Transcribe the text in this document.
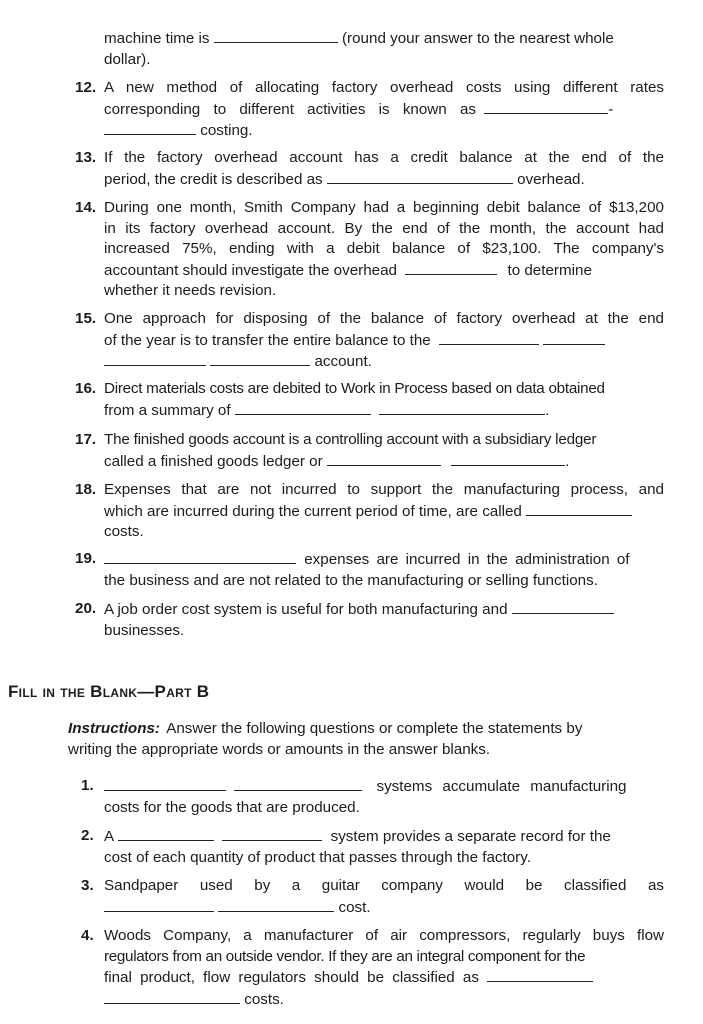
machine time is	(round your answer to the nearest whole
dollar).
12. A new method of allocating factory overhead costs using different rates
corresponding to different activities is known as	-
costing.
13. If the factory overhead account has a credit balance at the end of the
period, the credit is described as	overhead.
14. During one month, Smith Company had a beginning debit balance of $13,200
in its factory overhead account. By the end of the month, the account had
increased 75%, ending with a debit balance of $23,100. The company's
accountant should investigate the overhead	to determine
whether it needs revision.
15. One approach for disposing of the balance of factory overhead at the end
of the year is to transfer the entire balance to the
account.
16. Direct materials costs are debited to Work in Process based on data obtained
from a summary of	.
17. The finished goods account is a controlling account with a subsidiary ledger
called a finished goods ledger or	.
18. Expenses that are not incurred to support the manufacturing process, and
which are incurred during the current period of time, are called
costs.
19.	expenses are incurred in the administration of
the business and are not related to the manufacturing or selling functions.
20. A job order cost system is useful for both manufacturing and
businesses.
Fill in the Blank—Part B
Instructions: Answer the following questions or complete the statements by
writing the appropriate words or amounts in the answer blanks.
1.	systems accumulate manufacturing
costs for the goods that are produced.
2. A	system provides a separate record for the
cost of each quantity of product that passes through the factory.
3. Sandpaper used by a guitar company would be classified as
cost.
4. Woods Company, a manufacturer of air compressors, regularly buys flow
regulators from an outside vendor. If they are an integral component for the
final product, flow regulators should be classified as
costs.
